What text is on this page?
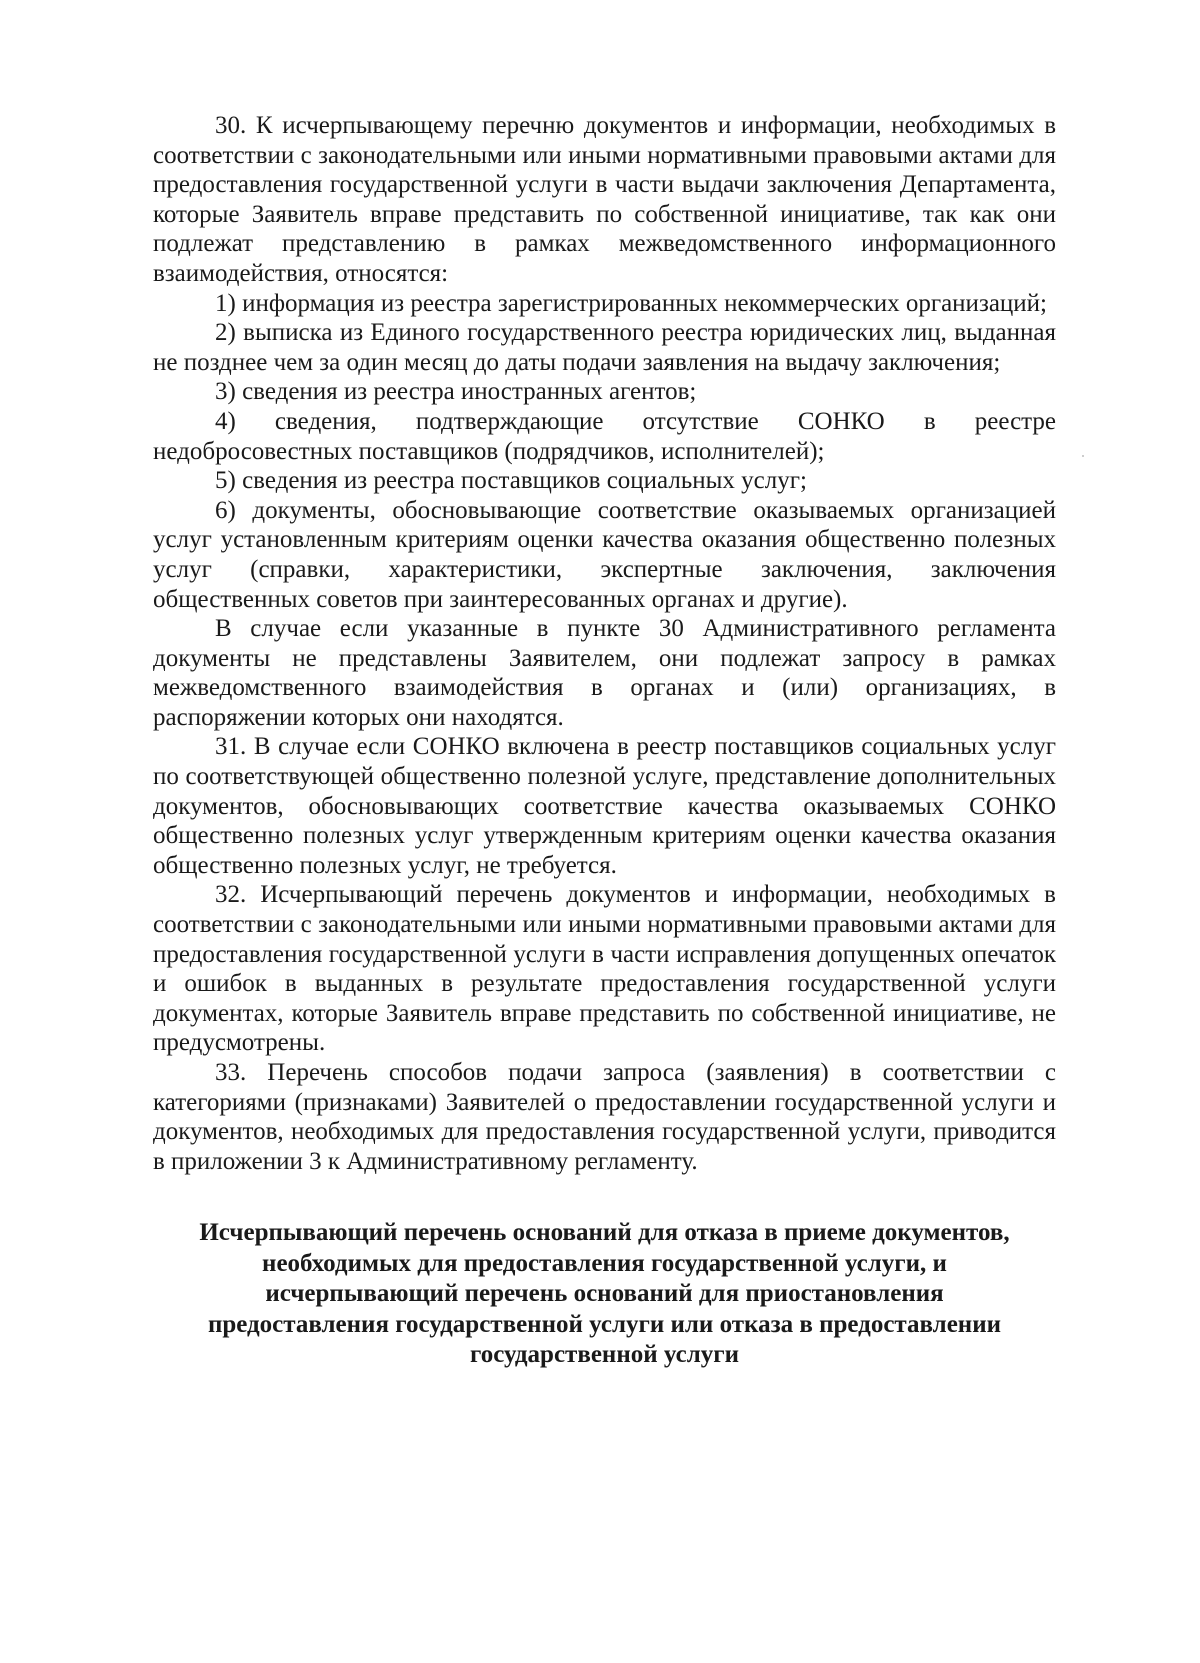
30. К исчерпывающему перечню документов и информации, необходимых в соответствии с законодательными или иными нормативными правовыми актами для предоставления государственной услуги в части выдачи заключения Департамента, которые Заявитель вправе представить по собственной инициативе, так как они подлежат представлению в рамках межведомственного информационного взаимодействия, относятся:

1) информация из реестра зарегистрированных некоммерческих организаций;

2) выписка из Единого государственного реестра юридических лиц, выданная не позднее чем за один месяц до даты подачи заявления на выдачу заключения;

3) сведения из реестра иностранных агентов;

4) сведения, подтверждающие отсутствие СОНКО в реестре недобросовестных поставщиков (подрядчиков, исполнителей);

5) сведения из реестра поставщиков социальных услуг;

6) документы, обосновывающие соответствие оказываемых организацией услуг установленным критериям оценки качества оказания общественно полезных услуг (справки, характеристики, экспертные заключения, заключения общественных советов при заинтересованных органах и другие).

В случае если указанные в пункте 30 Административного регламента документы не представлены Заявителем, они подлежат запросу в рамках межведомственного взаимодействия в органах и (или) организациях, в распоряжении которых они находятся.

31. В случае если СОНКО включена в реестр поставщиков социальных услуг по соответствующей общественно полезной услуге, представление дополнительных документов, обосновывающих соответствие качества оказываемых СОНКО общественно полезных услуг утвержденным критериям оценки качества оказания общественно полезных услуг, не требуется.

32. Исчерпывающий перечень документов и информации, необходимых в соответствии с законодательными или иными нормативными правовыми актами для предоставления государственной услуги в части исправления допущенных опечаток и ошибок в выданных в результате предоставления государственной услуги документах, которые Заявитель вправе представить по собственной инициативе, не предусмотрены.

33. Перечень способов подачи запроса (заявления) в соответствии с категориями (признаками) Заявителей о предоставлении государственной услуги и документов, необходимых для предоставления государственной услуги, приводится в приложении 3 к Административному регламенту.

Исчерпывающий перечень оснований для отказа в приеме документов,
необходимых для предоставления государственной услуги, и
исчерпывающий перечень оснований для приостановления
предоставления государственной услуги или отказа в предоставлении
государственной услуги
